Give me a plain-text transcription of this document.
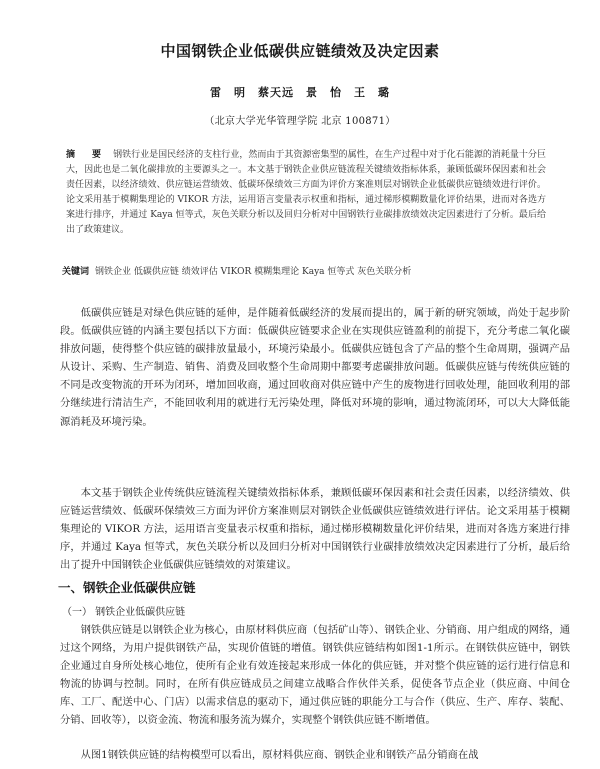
中国钢铁企业低碳供应链绩效及决定因素
雷　明　蔡天远　景　怡　王　璐
（北京大学光华管理学院 北京 100871）
摘　要 钢铁行业是国民经济的支柱行业，然而由于其资源密集型的属性，在生产过程中对于化石能源的消耗量十分巨大，因此也是二氧化碳排放的主要源头之一。本文基于钢铁企业供应链流程关键绩效指标体系，兼顾低碳环保因素和社会责任因素，以经济绩效、供应链运营绩效、低碳环保绩效三方面为评价方案准则层对钢铁企业低碳供应链绩效进行评价。论文采用基于模糊集理论的 VIKOR 方法，运用语言变量表示权重和指标，通过梯形模糊数量化评价结果，进而对各选方案进行排序，并通过 Kaya 恒等式，灰色关联分析以及回归分析对中国钢铁行业碳排放绩效决定因素进行了分析。最后给出了政策建议。
关键词 钢铁企业 低碳供应链 绩效评估 VIKOR 模糊集理论 Kaya 恒等式 灰色关联分析

低碳供应链是对绿色供应链的延伸，是伴随着低碳经济的发展而提出的，属于新的研究领域，尚处于起步阶段。低碳供应链的内涵主要包括以下方面：低碳供应链要求企业在实现供应链盈利的前提下，充分考虑二氧化碳排放问题，使得整个供应链的碳排放量最小，环境污染最小。低碳供应链包含了产品的整个生命周期，强调产品从设计、采购、生产制造、销售、消费及回收整个生命周期中都要考虑碳排放问题。低碳供应链与传统供应链的不同是改变物流的开环为闭环，增加回收商，通过回收商对供应链中产生的废物进行回收处理，能回收利用的部分继续进行清洁生产，不能回收利用的就进行无污染处理，降低对环境的影响，通过物流闭环，可以大大降低能源消耗及环境污染。

本文基于钢铁企业传统供应链流程关键绩效指标体系，兼顾低碳环保因素和社会责任因素，以经济绩效、供应链运营绩效、低碳环保绩效三方面为评价方案准则层对钢铁企业低碳供应链绩效进行评估。论文采用基于模糊集理论的 VIKOR 方法，运用语言变量表示权重和指标，通过梯形模糊数量化评价结果，进而对各选方案进行排序，并通过 Kaya 恒等式，灰色关联分析以及回归分析对中国钢铁行业碳排放绩效决定因素进行了分析，最后给出了提升中国钢铁企业低碳供应链绩效的对策建议。

一、钢铁企业低碳供应链
（一） 钢铁企业低碳供应链

钢铁供应链是以钢铁企业为核心，由原材料供应商（包括矿山等）、钢铁企业、分销商、用户组成的网络，通过这个网络，为用户提供钢铁产品，实现价值链的增值。钢铁供应链结构如图1-1所示。在钢铁供应链中，钢铁企业通过自身所处核心地位，使所有企业有效连接起来形成一体化的供应链，并对整个供应链的运行进行信息和物流的协调与控制。同时，在所有供应链成员之间建立战略合作伙伴关系，促使各节点企业（供应商、中间仓库、工厂、配送中心、门店）以需求信息的驱动下，通过供应链的职能分工与合作（供应、生产、库存、装配、分销、回收等），以资金流、物流和服务流为媒介，实现整个钢铁供应链不断增值。

从图1钢铁供应链的结构模型可以看出，原材料供应商、钢铁企业和钢铁产品分销商在战
